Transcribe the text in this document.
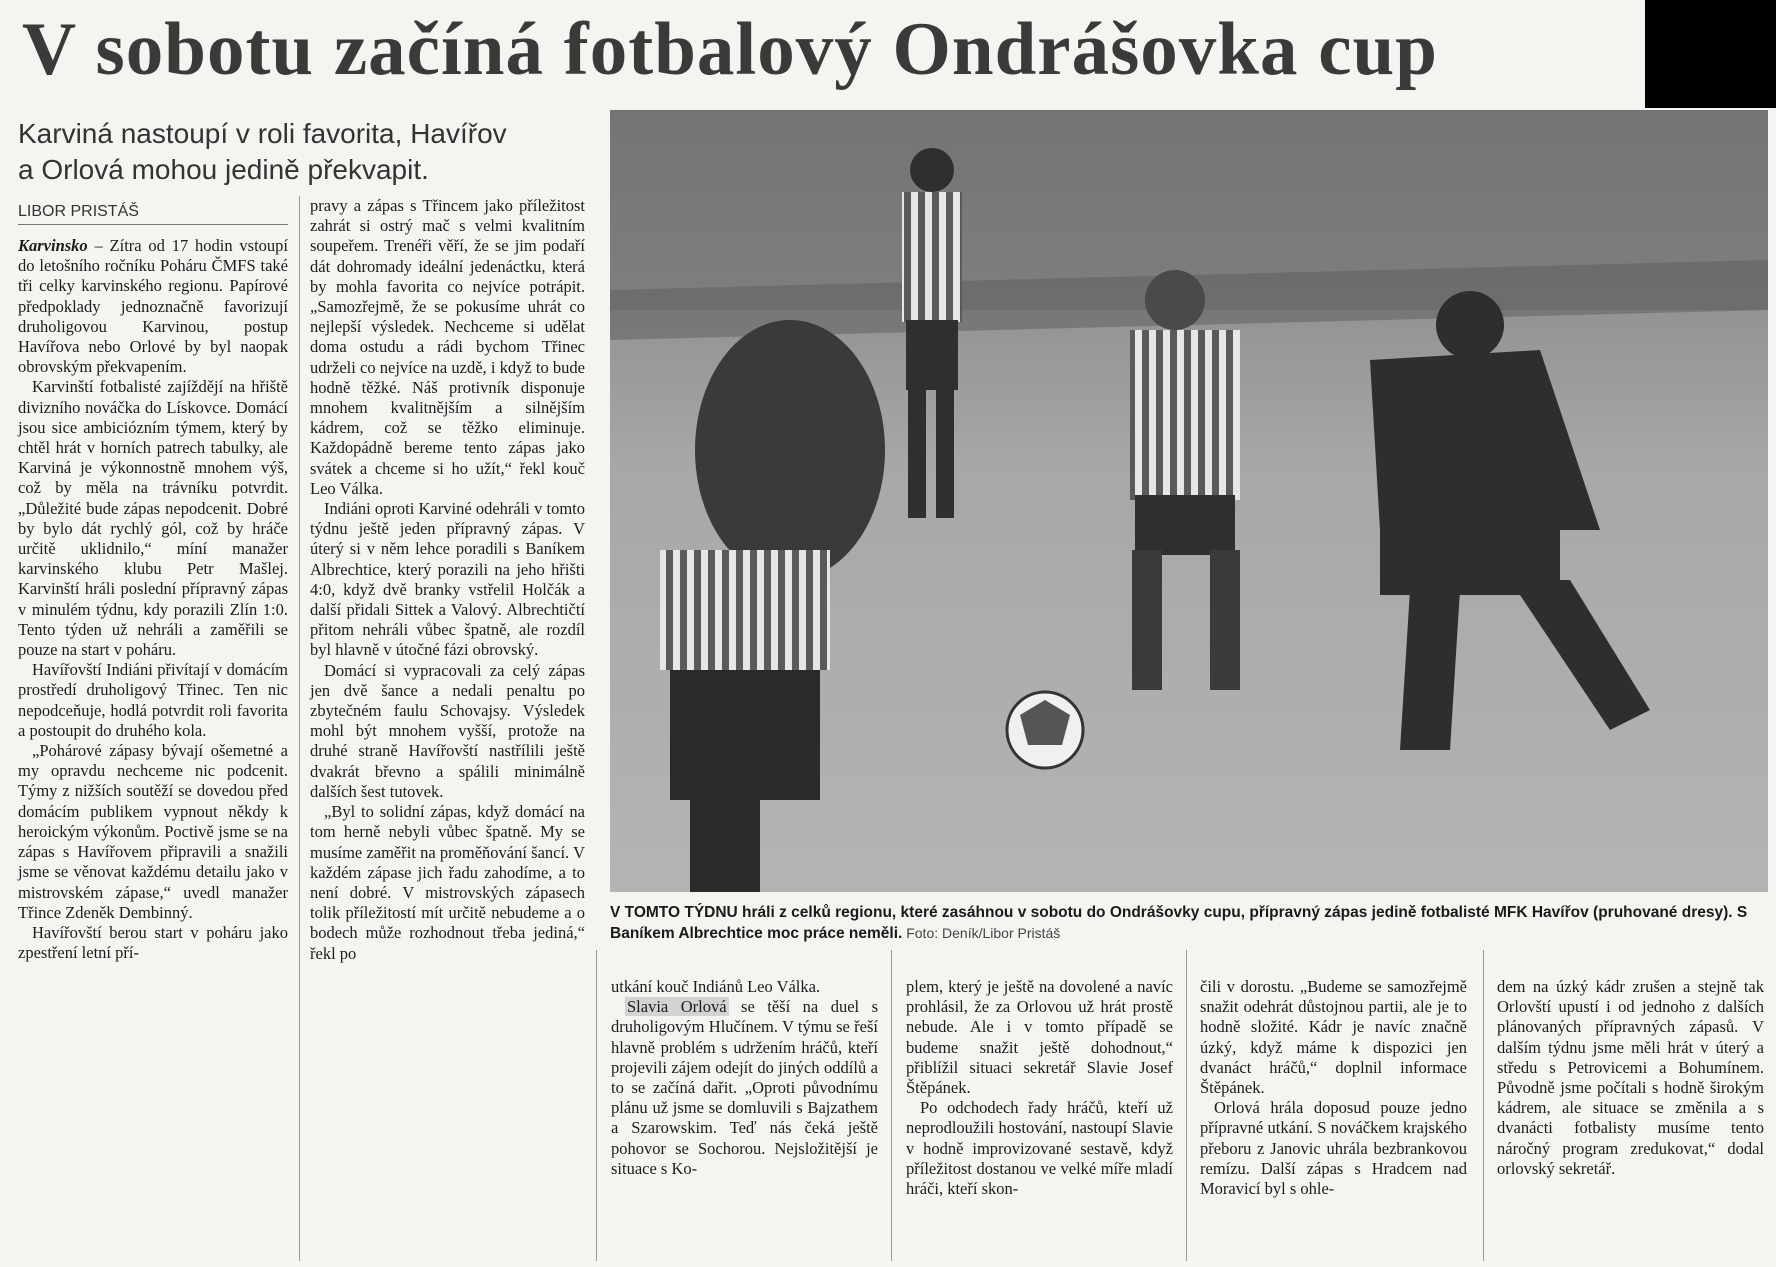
V sobotu začíná fotbalový Ondrášovka cup
Karviná nastoupí v roli favorita, Havířov
a Orlová mohou jedině překvapit.
LIBOR PRISTÁŠ

Karvinsko – Zítra od 17 hodin vstoupí do letošního ročníku Poháru ČMFS také tři celky karvinského regionu. Papírové předpoklady jednoznačně favorizují druholigovou Karvinou, postup Havířova nebo Orlové by byl naopak obrovským překvapením.

Karvinští fotbalisté zajíždějí na hřiště divizního nováčka do Lískovce. Domácí jsou sice ambiciózním týmem, který by chtěl hrát v horních patrech tabulky, ale Karviná je výkonnostně mnohem výš, což by měla na trávníku potvrdit. „Důležité bude zápas nepodcenit. Dobré by bylo dát rychlý gól, což by hráče určitě uklidnilo,“ míní manažer karvinského klubu Petr Mašlej. Karvinští hráli poslední přípravný zápas v minulém týdnu, kdy porazili Zlín 1:0. Tento týden už nehráli a zaměřili se pouze na start v poháru.

Havířovští Indiáni přivítají v domácím prostředí druholigový Třinec. Ten nic nepodceňuje, hodlá potvrdit roli favorita a postoupit do druhého kola.

„Pohárové zápasy bývají ošemetné a my opravdu nechceme nic podcenit. Týmy z nižších soutěží se dovedou před domácím publikem vypnout někdy k heroickým výkonům. Poctivě jsme se na zápas s Havířovem připravili a snažili jsme se věnovat každému detailu jako v mistrovském zápase,“ uvedl manažer Třince Zdeněk Dembinný.

Havířovští berou start v poháru jako zpestření letní pří-

pravy a zápas s Třincem jako příležitost zahrát si ostrý mač s velmi kvalitním soupeřem. Trenéři věří, že se jim podaří dát dohromady ideální jedenáctku, která by mohla favorita co nejvíce potrápit. „Samozřejmě, že se pokusíme uhrát co nejlepší výsledek. Nechceme si udělat doma ostudu a rádi bychom Třinec udrželi co nejvíce na uzdě, i když to bude hodně těžké. Náš protivník disponuje mnohem kvalitnějším a silnějším kádrem, což se těžko eliminuje. Každopádně bereme tento zápas jako svátek a chceme si ho užít,“ řekl kouč Leo Válka.

Indiáni oproti Karviné odehráli v tomto týdnu ještě jeden přípravný zápas. V úterý si v něm lehce poradili s Baníkem Albrechtice, který porazili na jeho hřišti 4:0, když dvě branky vstřelil Holčák a další přidali Sittek a Valový. Albrechtičtí přitom nehráli vůbec špatně, ale rozdíl byl hlavně v útočné fázi obrovský.

Domácí si vypracovali za celý zápas jen dvě šance a nedali penaltu po zbytečném faulu Schovajsy. Výsledek mohl být mnohem vyšší, protože na druhé straně Havířovští nastřílili ještě dvakrát břevno a spálili minimálně dalších šest tutovek.

„Byl to solidní zápas, když domácí na tom herně nebyli vůbec špatně. My se musíme zaměřit na proměňování šancí. V každém zápase jich řadu zahodíme, a to není dobré. V mistrovských zápasech tolik příležitostí mít určitě nebudeme a o bodech může rozhodnout třeba jediná,“ řekl po

V TOMTO TÝDNU hráli z celků regionu, které zasáhnou v sobotu do Ondrášovky cupu, přípravný zápas jedině fotbalisté MFK Havířov (pruhované dresy). S Baníkem Albrechtice moc práce neměli. Foto: Deník/Libor Pristáš

utkání kouč Indiánů Leo Válka.

Slavia Orlová se těší na duel s druholigovým Hlučínem. V týmu se řeší hlavně problém s udržením hráčů, kteří projevili zájem odejít do jiných oddílů a to se začíná dařit. „Oproti původnímu plánu už jsme se domluvili s Bajzathem a Szarowskim. Teď nás čeká ještě pohovor se Sochorou. Nejsložitější je situace s Ko-

plem, který je ještě na dovolené a navíc prohlásil, že za Orlovou už hrát prostě nebude. Ale i v tomto případě se budeme snažit ještě dohodnout,“ přiblížil situaci sekretář Slavie Josef Štěpánek.

Po odchodech řady hráčů, kteří už neprodloužili hostování, nastoupí Slavie v hodně improvizované sestavě, když příležitost dostanou ve velké míře mladí hráči, kteří skon-

čili v dorostu. „Budeme se samozřejmě snažit odehrát důstojnou partii, ale je to hodně složité. Kádr je navíc značně úzký, když máme k dispozici jen dvanáct hráčů,“ doplnil informace Štěpánek.

Orlová hrála doposud pouze jedno přípravné utkání. S nováčkem krajského přeboru z Janovic uhrála bezbrankovou remízu. Další zápas s Hradcem nad Moravicí byl s ohle-

dem na úzký kádr zrušen a stejně tak Orlovští upustí i od jednoho z dalších plánovaných přípravných zápasů. V dalším týdnu jsme měli hrát v úterý a středu s Petrovicemi a Bohumínem. Původně jsme počítali s hodně širokým kádrem, ale situace se změnila a s dvanácti fotbalisty musíme tento náročný program zredukovat,“ dodal orlovský sekretář.
